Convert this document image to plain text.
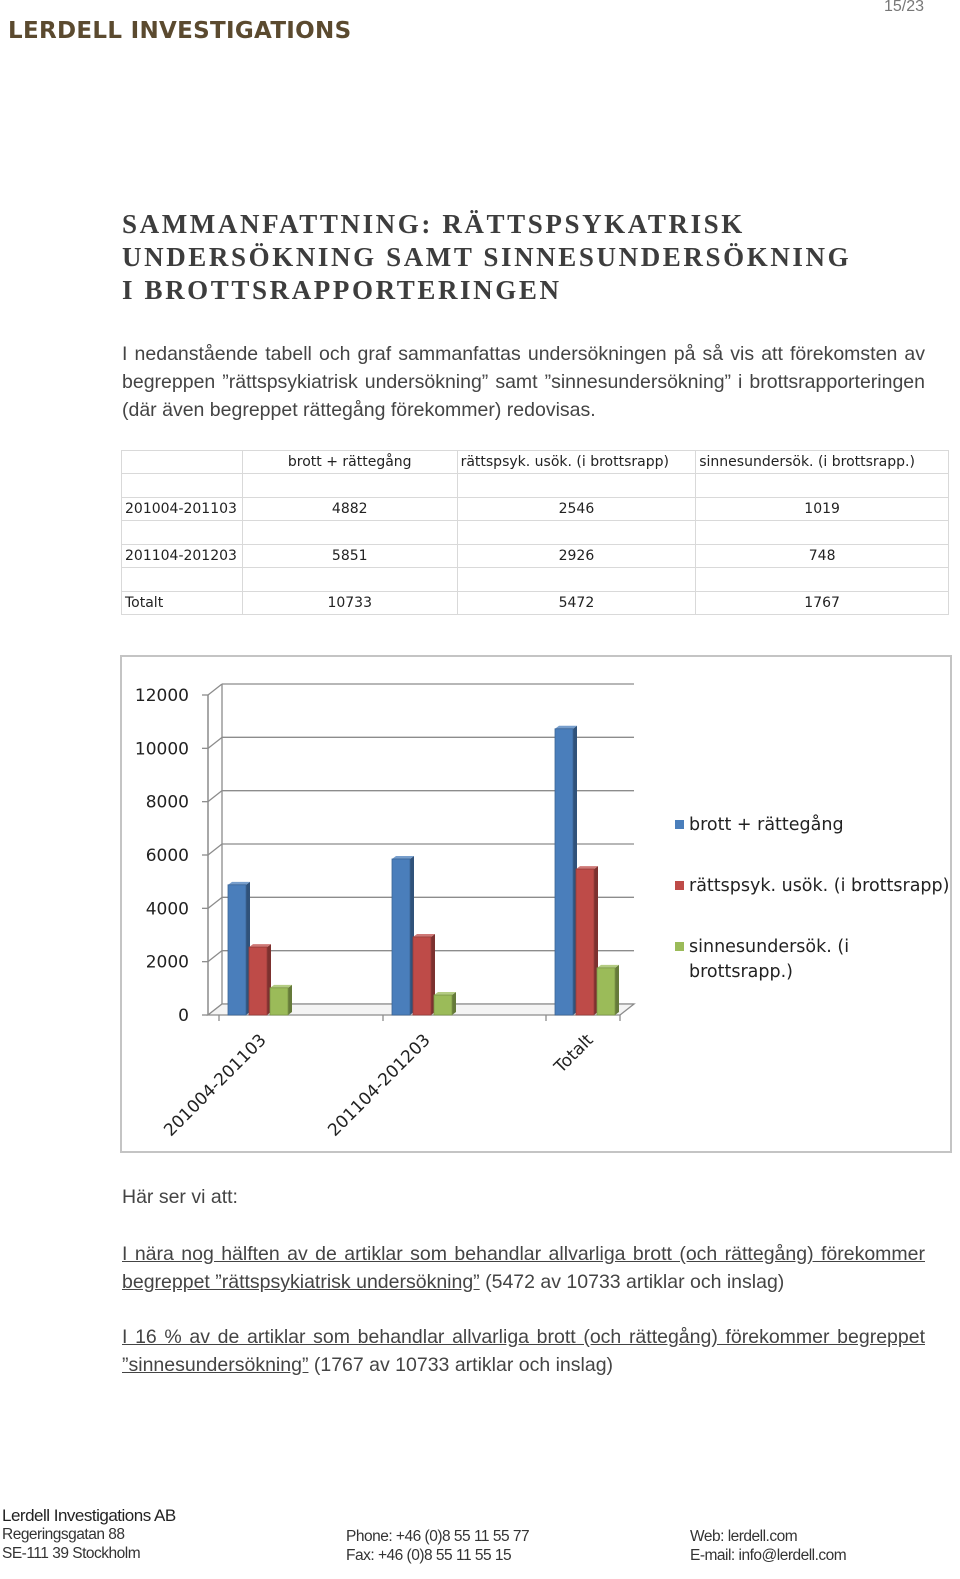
LERDELL INVESTIGATIONS
15/23
SAMMANFATTNING: RÄTTSPSYKATRISK
UNDERSÖKNING SAMT SINNESUNDERSÖKNING
I BROTTSRAPPORTERINGEN

I nedanstående tabell och graf sammanfattas undersökningen på så vis att förekomsten av begreppen ”rättspsykiatrisk undersökning” samt ”sinnesundersökning” i brottsrapporteringen (där även begreppet rättegång förekommer) redovisas.

	brott + rättegång	rättspsyk. usök. (i brottsrapp)	sinnesundersök. (i brottsrapp.)

201004-201103	4882	2546	1019

201104-201203	5851	2926	748

Totalt	10733	5472	1767
0
2000
4000
6000
8000
10000
12000
201004-201103	201104-201203	Totalt
brott + rättegång
rättspsyk. usök. (i brottsrapp)
sinnesundersök. (i brottsrapp.)

Här ser vi att:

I nära nog hälften av de artiklar som behandlar allvarliga brott (och rättegång) förekommer begreppet ”rättspsykiatrisk undersökning” (5472 av 10733 artiklar och inslag)

I 16 % av de artiklar som behandlar allvarliga brott (och rättegång) förekommer begreppet ”sinnesundersökning” (1767 av 10733 artiklar och inslag)

Lerdell Investigations AB
Regeringsgatan 88
SE-111 39 Stockholm
Phone: +46 (0)8 55 11 55 77
Fax: +46 (0)8 55 11 55 15
Web: lerdell.com
E-mail: info@lerdell.com
